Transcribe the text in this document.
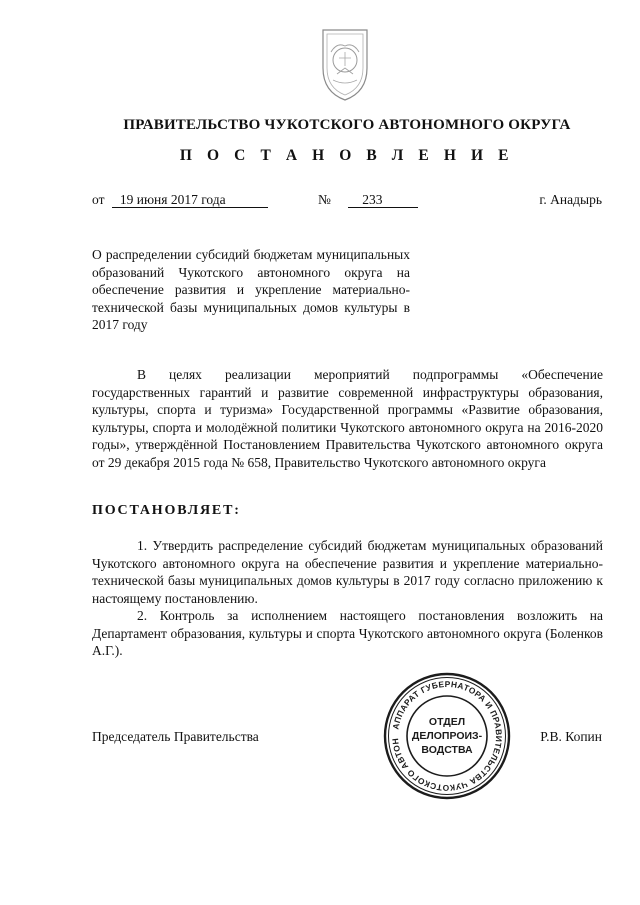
ПРАВИТЕЛЬСТВО ЧУКОТСКОГО АВТОНОМНОГО ОКРУГА
П О С Т А Н О В Л Е Н И Е
от 19 июня 2017 года	№ 233	г. Анадырь
О распределении субсидий бюджетам муниципальных образований Чукотского автономного округа на обеспечение развития и укрепление материально-технической базы муниципальных домов культуры в 2017 году
В целях реализации мероприятий подпрограммы «Обеспечение государственных гарантий и развитие современной инфраструктуры образования, культуры, спорта и туризма» Государственной программы «Развитие образования, культуры, спорта и молодёжной политики Чукотского автономного округа на 2016-2020 годы», утверждённой Постановлением Правительства Чукотского автономного округа от 29 декабря 2015 года № 658, Правительство Чукотского автономного округа
ПОСТАНОВЛЯЕТ:

1. Утвердить распределение субсидий бюджетам муниципальных образований Чукотского автономного округа на обеспечение развития и укрепление материально-технической базы муниципальных домов культуры в 2017 году согласно приложению к настоящему постановлению.

2. Контроль за исполнением настоящего постановления возложить на Департамент образования, культуры и спорта Чукотского автономного округа (Боленков А.Г.).

Председатель Правительства	Р.В. Копин
АППАРАТ ГУБЕРНАТОРА И ПРАВИТЕЛЬСТВА ЧУКОТСКОГО АВТОН
ОТДЕЛ
ДЕЛОПРОИЗ-
ВОДСТВА
